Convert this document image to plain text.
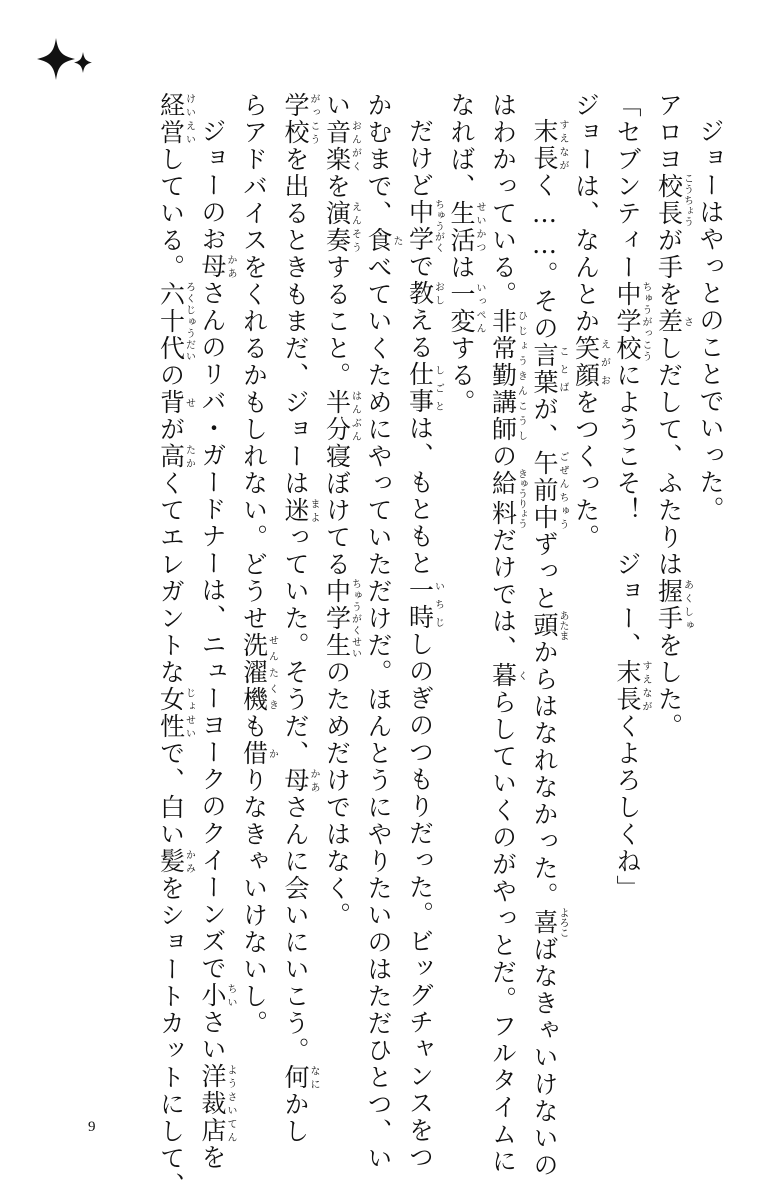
ジョーはやっとのことでいった。
アロヨ校長こうちょうが手を差さしだして、ふたりは握手あくしゅをした。
「セブンティー中学校ちゅうがっこうにようこそ！　ジョー、末長すえながくよろしくね」
ジョーは、なんとか笑顔えがおをつくった。
末長すえながく……。その言葉ことばが、午前中ごぜんちゅうずっと頭あたまからはなれなかった。喜よろこばなきゃいけないの
はわかっている。非常勤講師ひじょうきんこうしの給料きゅうりょうだけでは、暮くらしていくのがやっとだ。フルタイムに
なれば、生活せいかつは一変いっぺんする。
だけど中学ちゅうがくで教おしえる仕事しごとは、もともと一時いちじしのぎのつもりだった。ビッグチャンスをつ
かむまで、食たべていくためにやっていただけだ。ほんとうにやりたいのはただひとつ、い
い音楽おんがくを演奏えんそうすること。半分はんぶん寝ぼけてる中学生ちゅうがくせいのためだけではなく。
学校がっこうを出るときもまだ、ジョーは迷まよっていた。そうだ、母かあさんに会いにいこう。何なにかし
らアドバイスをくれるかもしれない。どうせ洗濯機せんたくきも借かりなきゃいけないし。
ジョーのお母かあさんのリバ・ガードナーは、ニューヨークのクイーンズで小ちいさい洋裁店ようさいてんを
経営けいえいしている。六十代ろくじゅうだいの背せが高たかくてエレガントな女性じょせいで、白い髪かみをショートカットにして、
9
